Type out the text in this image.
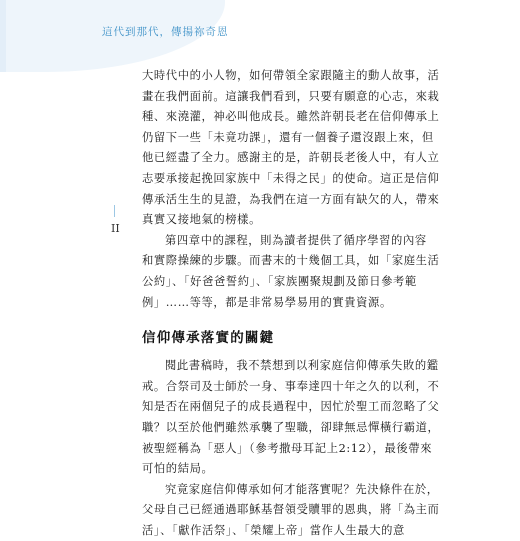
這代到那代，傳揚祢奇恩
II

大時代中的小人物，如何帶領全家跟隨主的動人故事，活
畫在我們面前。這讓我們看到，只要有願意的心志，來栽
種、來澆灌，神必叫他成長。雖然許朝長老在信仰傳承上
仍留下一些「未竟功課」，還有一個養子還沒跟上來，但
他已經盡了全力。感謝主的是，許朝長老後人中，有人立
志要承接起挽回家族中「未得之民」的使命。這正是信仰
傳承活生生的見證，為我們在這一方面有缺欠的人，帶來
真實又接地氣的榜樣。

第四章中的課程，則為讀者提供了循序學習的內容
和實際操練的步驟。而書末的十幾個工具，如「家庭生活
公約」、「好爸爸誓約」、「家族團聚規劃及節日參考範
例」……等等，都是非常易學易用的實貴資源。

信仰傳承落實的關鍵

閱此書稿時，我不禁想到以利家庭信仰傳承失敗的鑑
戒。合祭司及士師於一身、事奉達四十年之久的以利，不
知是否在兩個兒子的成長過程中，因忙於聖工而忽略了父
職？以至於他們雖然承襲了聖職，卻肆無忌憚橫行霸道，
被聖經稱為「惡人」（參考撒母耳記上2:12），最後帶來
可怕的結局。

究竟家庭信仰傳承如何才能落實呢？先決條件在於，
父母自己已經通過耶穌基督領受贖罪的恩典，將「為主而
活」、「獻作活祭」、「榮耀上帝」當作人生最大的意
